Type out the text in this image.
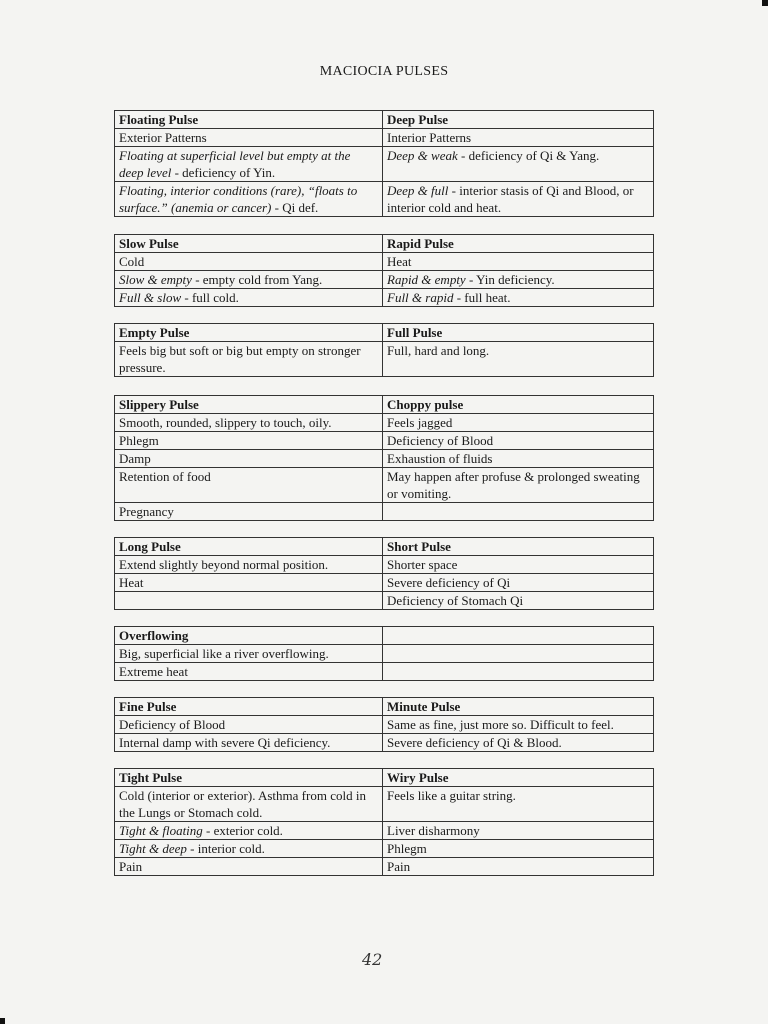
MACIOCIA PULSES
Floating Pulse	Deep Pulse
Exterior Patterns	Interior Patterns
Floating at superficial level but empty at the deep level - deficiency of Yin.	Deep & weak - deficiency of Qi & Yang.
Floating, interior conditions (rare), “floats to surface.” (anemia or cancer) - Qi def.	Deep & full - interior stasis of Qi and Blood, or interior cold and heat.
Slow Pulse	Rapid Pulse
Cold	Heat
Slow & empty - empty cold from Yang.	Rapid & empty - Yin deficiency.
Full & slow - full cold.	Full & rapid - full heat.
Empty Pulse	Full Pulse
Feels big but soft or big but empty on stronger pressure.	Full, hard and long.
Slippery Pulse	Choppy pulse
Smooth, rounded, slippery to touch, oily.	Feels jagged
Phlegm	Deficiency of Blood
Damp	Exhaustion of fluids
Retention of food	May happen after profuse & prolonged sweating or vomiting.
Pregnancy	
Long Pulse	Short Pulse
Extend slightly beyond normal position.	Shorter space
Heat	Severe deficiency of Qi
	Deficiency of Stomach Qi
Overflowing	
Big, superficial like a river overflowing.	
Extreme heat	
Fine Pulse	Minute Pulse
Deficiency of Blood	Same as fine, just more so. Difficult to feel.
Internal damp with severe Qi deficiency.	Severe deficiency of Qi & Blood.
Tight Pulse	Wiry Pulse
Cold (interior or exterior). Asthma from cold in the Lungs or Stomach cold.	Feels like a guitar string.
Tight & floating - exterior cold.	Liver disharmony
Tight & deep - interior cold.	Phlegm
Pain	Pain
42
